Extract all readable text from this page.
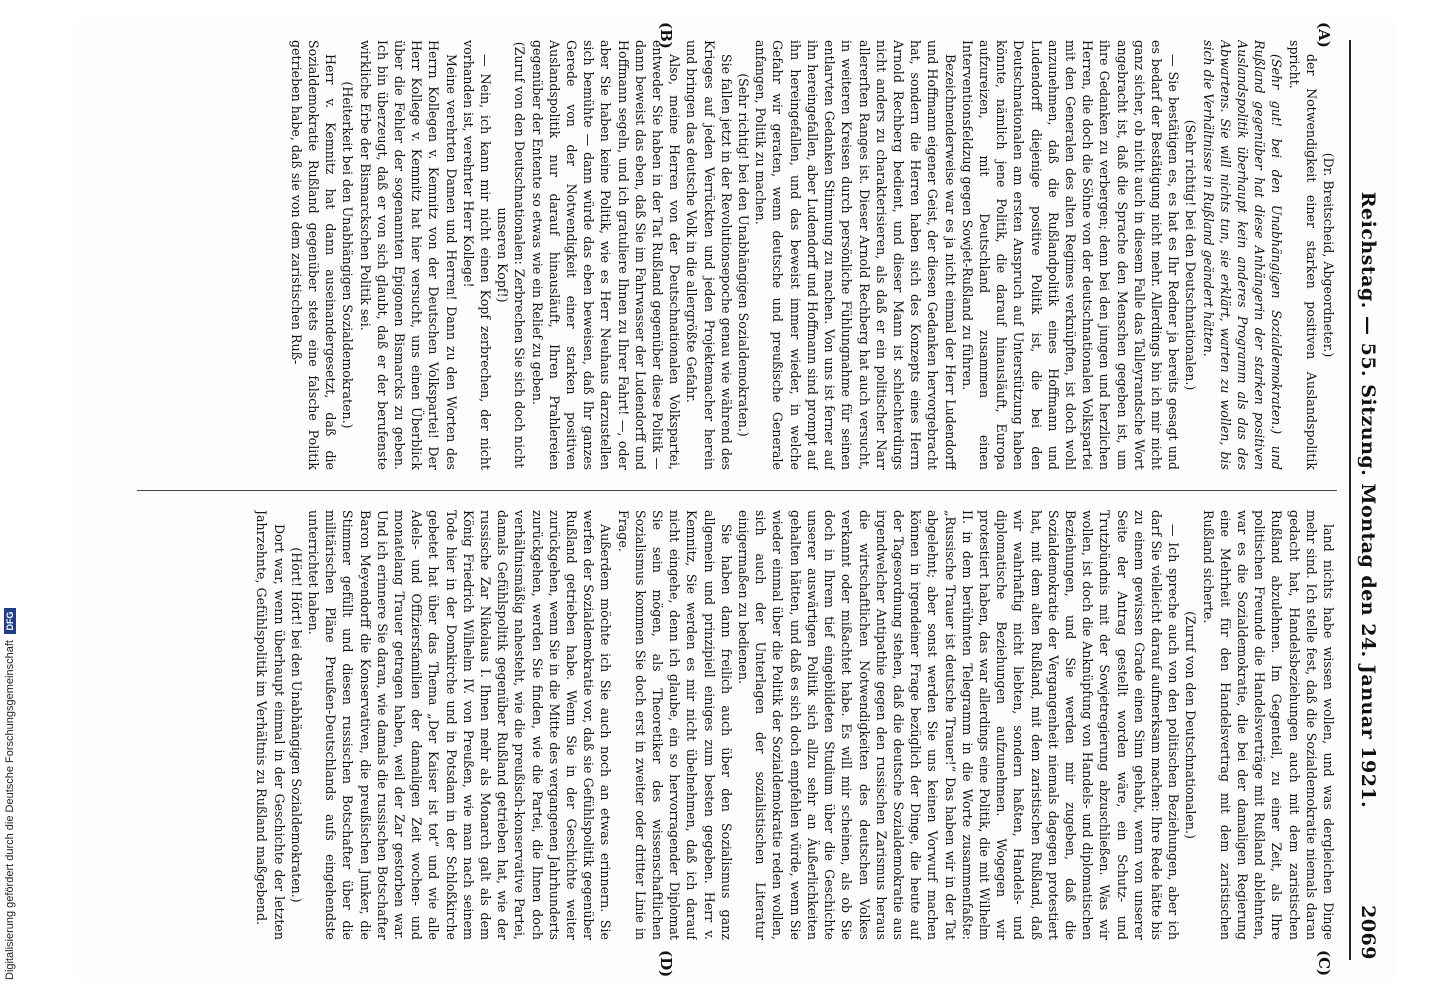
Reichstag. — 55. Sitzung. Montag den 24. Januar 1921.
2069
(A)
(B)
(C)
(D)

(Dr. Breitscheid, Abgeordneter.)

der Notwendigkeit einer starken positiven Auslandspolitik spricht.

(Sehr gut! bei den Unabhängigen Sozialdemokraten.) und Rußland gegenüber hat diese Anhängerin der starken positiven Auslandspolitik überhaupt kein anderes Programm als das des Abwartens. Sie will nichts tun, sie erklärt, warten zu wollen, bis sich die Verhältnisse in Rußland geändert hätten.

(Sehr richtig! bei den Deutschnationalen.)

— Sie bestätigen es, es hat es Ihr Redner ja bereits gesagt und es bedarf der Bestätigung nicht mehr. Allerdings bin ich mir nicht ganz sicher, ob nicht auch in diesem Falle das Talleyrandsche Wort angebracht ist, daß die Sprache den Menschen gegeben ist, um ihre Gedanken zu verbergen; denn bei den jungen und herzlichen Herren, die doch die Söhne von der deutschnationalen Volkspartei mit den Generalen des alten Regimes verknüpften, ist doch wohl anzunehmen, daß die Rußlandpolitik eines Hoffmann und Ludendorff diejenige positive Politik ist, die bei den Deutschnationalen am ersten Anspruch auf Unterstützung haben könnte, nämlich jene Politik, die darauf hinausläuft, Europa aufzureizen, mit Deutschland zusammen einen Interventionsfeldzug gegen Sowjet-Rußland zu führen.

Bezeichnenderweise war es ja nicht einmal der Herr Ludendorff und Hoffmann eigener Geist, der diesen Gedanken hervorgebracht hat, sondern die Herren haben sich des Konzepts eines Herrn Arnold Rechberg bedient, und dieser Mann ist schlechterdings nicht anders zu charakterisieren, als daß er ein politischer Narr allererſten Ranges ist. Dieser Arnold Rechberg hat auch versucht, in weiteren Kreisen durch persönliche Fühlungnahme für seinen entlarvten Gedanken Stimmung zu machen. Von uns ist ferner auf ihn hereingefallen, aber Ludendorff und Hoffmann sind prompt auf ihn hereingefallen, und das beweist immer wieder, in welche Gefahr wir geraten, wenn deutsche und preußische Generale anfangen, Politik zu machen.

(Sehr richtig! bei den Unabhängigen Sozialdemokraten.)

Sie fallen jetzt in der Revolutionsepoche genau wie während des Krieges auf jeden Verrückten und jeden Projektemacher herein und bringen das deutsche Volk in die allergrößte Gefahr.

Also, meine Herren von der Deutschnationalen Volkspartei, entweder Sie haben in der Tat Rußland gegenüber diese Politik — dann beweist das eben, daß Sie im Fahrwasser der Ludendorff und Hoffmann segeln, und ich gratuliere Ihnen zu Ihrer Fahrt! —, oder aber Sie haben keine Politik, wie es Herr Neuhaus darzustellen sich bemühte — dann würde das eben beweisen, daß Ihr ganzes Gerede von der Notwendigkeit einer starken positiven Auslandspolitik nur darauf hinausläuft, Ihren Prahlereien gegenüber der Entente so etwas wie ein Relief zu geben.

(Zuruf von den Deutschnationalen: Zerbrechen Sie sich doch nicht unseren Kopf!)

— Nein, ich kann mir nicht einen Kopf zerbrechen, der nicht vorhanden ist, verehrter Herr Kollege!

Meine verehrten Damen und Herren! Dann zu den Worten des Herrn Kollegen v. Kemnitz von der Deutschen Volkspartei! Der Herr Kollege v. Kemnitz hat hier versucht, uns einen Überblick über die Fehler der sogenannten Epigonen Bismarcks zu geben. Ich bin überzeugt, daß er von sich glaubt, daß er der berufenste wirkliche Erbe der Bismarckschen Politik sei.

(Heiterkeit bei den Unabhängigen Sozialdemokraten.)

Herr v. Kemnitz hat dann auseinandergesetzt, daß die Sozialdemokratie Rußland gegenüber stets eine falsche Politik getrieben habe, daß sie von dem zaristischen Ruß-

land nichts habe wissen wollen, und was dergleichen Dinge mehr sind. Ich stelle fest, daß die Sozialdemokratie niemals daran gedacht hat, Handelsbeziehungen auch mit dem zaristischen Rußland abzulehnen. Im Gegenteil, zu einer Zeit, als Ihre politischen Freunde die Handelsverträge mit Rußland ablehnten, war es die Sozialdemokratie, die bei der damaligen Regierung eine Mehrheit für den Handelsvertrag mit dem zaristischen Rußland sicherte.

(Zuruf von den Deutschnationalen.)

— Ich spreche auch von den politischen Beziehungen, aber ich darf Sie vielleicht darauf aufmerksam machen: Ihre Rede hätte bis zu einem gewissen Grade einen Sinn gehabt, wenn von unserer Seite der Antrag gestellt worden wäre, ein Schutz- und Trutzbündnis mit der Sowjetregierung abzuschließen. Was wir wollen, ist doch die Anknüpfung von Handels- und diplomatischen Beziehungen, und Sie werden mir zugeben, daß die Sozialdemokratie der Vergangenheit niemals dagegen protestiert hat, mit dem alten Rußland, mit dem zaristischen Rußland, daß wir wahrhaftig nicht liebten, sondern haßten, Handels- und diplomatische Beziehungen aufzunehmen. Wogegen wir protestiert haben, das war allerdings eine Politik, die mit Wilhelm II. in dem berühmten Telegramm in die Worte zusammenfaßte: „Russische Trauer ist deutsche Trauer!“ Das haben wir in der Tat abgelehnt; aber sonst werden Sie uns keinen Vorwurf machen können in irgendeiner Frage bezüglich der Dinge, die heute auf der Tagesordnung stehen, daß die deutsche Sozialdemokratie aus irgendwelcher Antipathie gegen den russischen Zarismus heraus die wirtschaftlichen Notwendigkeiten des deutschen Volkes verkannt oder mißachtet habe. Es will mir scheinen, als ob Sie doch in Ihrem tief eingebildeten Studium über die Geschichte unserer auswärtigen Politik sich allzu sehr an Äußerlichkeiten gehalten hätten, und daß es sich doch empfehlen würde, wenn Sie wieder einmal über die Politik der Sozialdemokratie reden wollen, sich auch der Unterlagen der sozialistischen Literatur einigermaßen zu bedienen.

Sie haben dann freilich auch über den Sozialismus ganz allgemein und prinzipiell einiges zum besten gegeben. Herr v. Kemnitz, Sie werden es mir nicht übelnehmen, daß ich darauf nicht eingehe, denn ich glaube, ein so hervorragender Diplomat Sie sein mögen, als Theoretiker des wissenschaftlichen Sozialismus kommen Sie doch erst in zweiter oder dritter Linie in Frage.

Außerdem möchte ich Sie auch noch an etwas erinnern. Sie werfen der Sozialdemokratie vor, daß sie Gefühlspolitik gegenüber Rußland getrieben habe. Wenn Sie in der Geschichte weiter zurückgehen, wenn Sie in die Mitte des vergangenen Jahrhunderts zurückgehen, werden Sie finden, wie die Partei, die Ihnen doch verhältnismäßig nahesteht, wie die preußisch-konservative Partei, damals Gefühlspolitik gegenüber Rußland getrieben hat, wie der russische Zar Nikolaus I. Ihnen mehr als Monarch galt als dem König Friedrich Wilhelm IV. von Preußen, wie man nach seinem Tode hier in der Domkirche und in Potsdam in der Schloßkirche gebetet hat über das Thema „Der Kaiser ist tot“ und wie alle Adels- und Offiziersfamilien der damaligen Zeit wochen- und monatelang Trauer getragen haben, weil der Zar gestorben war. Und ich erinnere Sie daran, wie damals die russischen Botschafter Baron Meyendorff die Konservativen, die preußischen Junker, die Stimmer gefüllt und diesen russischen Botschafter über die militärischen Pläne Preußen-Deutschlands aufs eingehendste unterrichtet haben.

(Hört! Hört! bei den Unabhängigen Sozialdemokraten.)

Dort war, wenn überhaupt einmal in der Geschichte der letzten Jahrzehnte, Gefühlspolitik im Verhältnis zu Rußland maßgebend.

Digitalisierung gefördert durch die Deutsche ForschungsgemeinschaftDFG
